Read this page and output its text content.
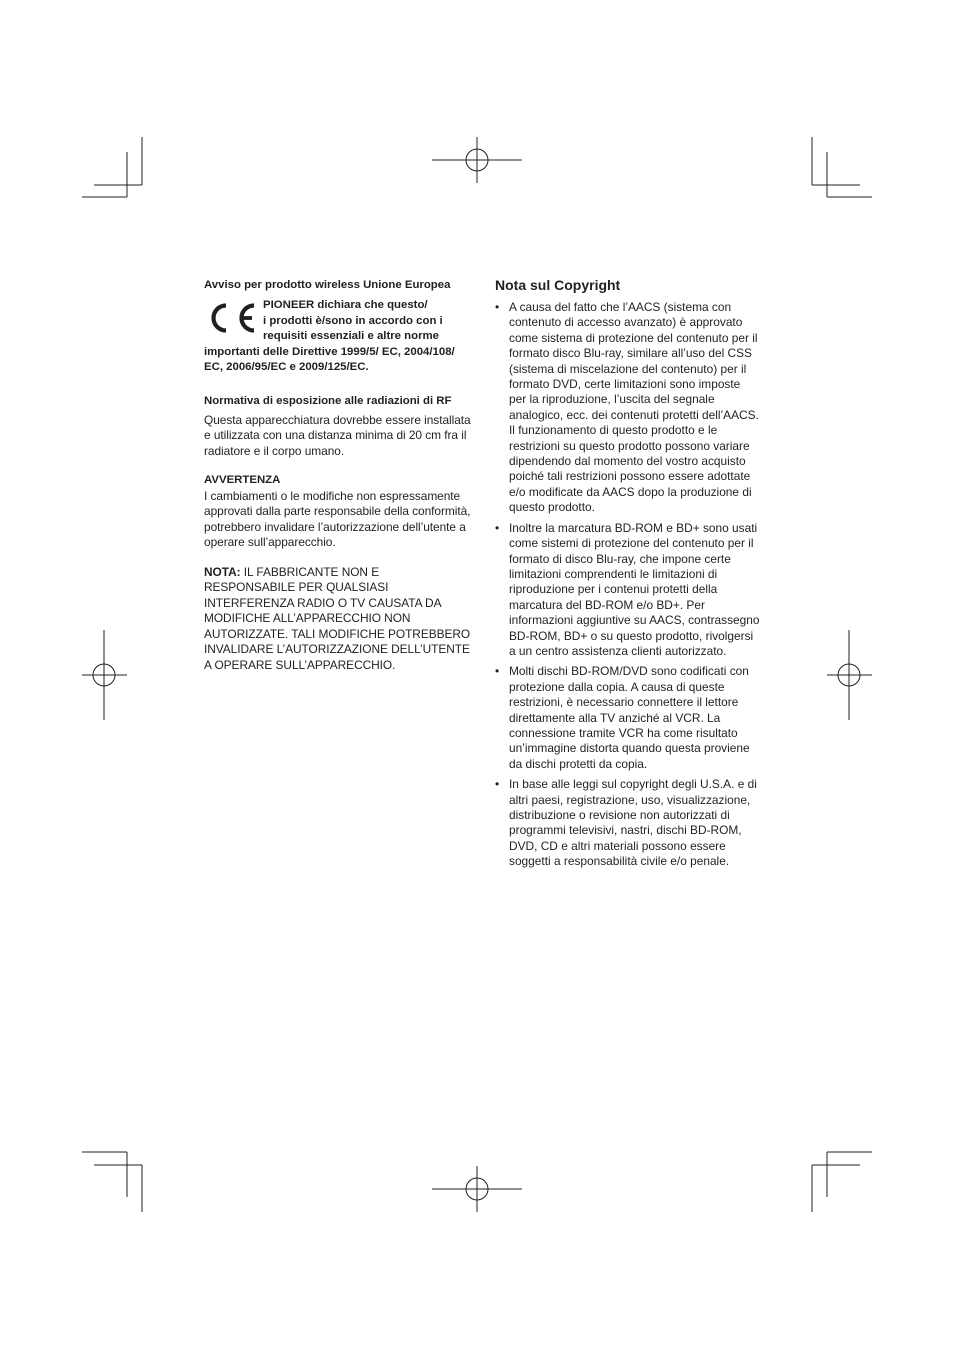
Avviso per prodotto wireless Unione Europea
PIONEER dichiara che questo/
i prodotti è/sono in accordo con i
requisiti essenziali e altre norme
importanti delle Direttive 1999/5/ EC, 2004/108/ EC, 2006/95/EC e 2009/125/EC.
Normativa di esposizione alle radiazioni di RF
Questa apparecchiatura dovrebbe essere installata e utilizzata con una distanza minima di 20 cm fra il radiatore e il corpo umano.
AVVERTENZA
I cambiamenti o le modifiche non espressamente approvati dalla parte responsabile della conformità, potrebbero invalidare l’autorizzazione dell’utente a operare sull’apparecchio.
NOTA: IL FABBRICANTE NON E RESPONSABILE PER QUALSIASI INTERFERENZA RADIO O TV CAUSATA DA MODIFICHE ALL’APPARECCHIO NON AUTORIZZATE. TALI MODIFICHE POTREBBERO INVALIDARE L’AUTORIZZAZIONE DELL’UTENTE A OPERARE SULL’APPARECCHIO.
Nota sul Copyright
• A causa del fatto che l’AACS (sistema con contenuto di accesso avanzato) è approvato come sistema di protezione del contenuto per il formato disco Blu-ray, similare all’uso del CSS (sistema di miscelazione del contenuto) per il formato DVD, certe limitazioni sono imposte per la riproduzione, l’uscita del segnale analogico, ecc. dei contenuti protetti dell’AACS. Il funzionamento di questo prodotto e le restrizioni su questo prodotto possono variare dipendendo dal momento del vostro acquisto poiché tali restrizioni possono essere adottate e/o modificate da AACS dopo la produzione di questo prodotto.
• Inoltre la marcatura BD-ROM e BD+ sono usati come sistemi di protezione del contenuto per il formato di disco Blu-ray, che impone certe limitazioni comprendenti le limitazioni di riproduzione per i contenui protetti della marcatura del BD-ROM e/o BD+. Per informazioni aggiuntive su AACS, contrassegno BD-ROM, BD+ o su questo prodotto, rivolgersi a un centro assistenza clienti autorizzato.
• Molti dischi BD-ROM/DVD sono codificati con protezione dalla copia. A causa di queste restrizioni, è necessario connettere il lettore direttamente alla TV anziché al VCR. La connessione tramite VCR ha come risultato un’immagine distorta quando questa proviene da dischi protetti da copia.
• In base alle leggi sul copyright degli U.S.A. e di altri paesi, registrazione, uso, visualizzazione, distribuzione o revisione non autorizzati di programmi televisivi, nastri, dischi BD-ROM, DVD, CD e altri materiali possono essere soggetti a responsabilità civile e/o penale.
